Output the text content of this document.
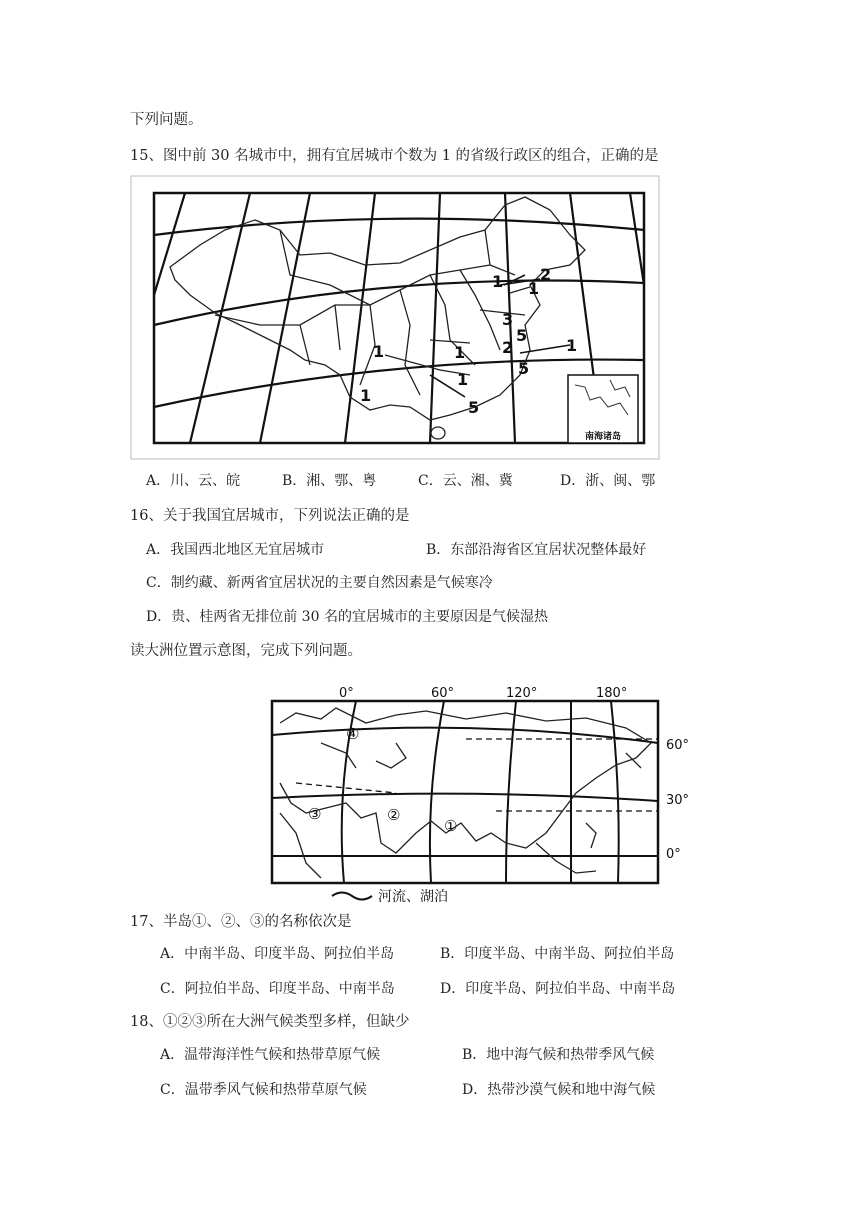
下列问题。
15、图中前 30 名城市中，拥有宜居城市个数为 1 的省级行政区的组合，正确的是
1 2
1
3
5
2	1
1	1
5
1
1
5
南海诸岛
A．川、云、皖	B．湘、鄂、粤	C．云、湘、冀	D．浙、闽、鄂
16、关于我国宜居城市，下列说法正确的是
A．我国西北地区无宜居城市	B．东部沿海省区宜居状况整体最好
C．制约藏、新两省宜居状况的主要自然因素是气候寒冷
D．贵、桂两省无排位前 30 名的宜居城市的主要原因是气候湿热
读大洲位置示意图，完成下列问题。
0°	60°	120°	180°
60°
30°
0°
①
②
③
④
河流、湖泊
17、半岛①、②、③的名称依次是
A．中南半岛、印度半岛、阿拉伯半岛	B．印度半岛、中南半岛、阿拉伯半岛
C．阿拉伯半岛、印度半岛、中南半岛	D．印度半岛、阿拉伯半岛、中南半岛
18、①②③所在大洲气候类型多样，但缺少
A．温带海洋性气候和热带草原气候	B．地中海气候和热带季风气候
C．温带季风气候和热带草原气候	D．热带沙漠气候和地中海气候
